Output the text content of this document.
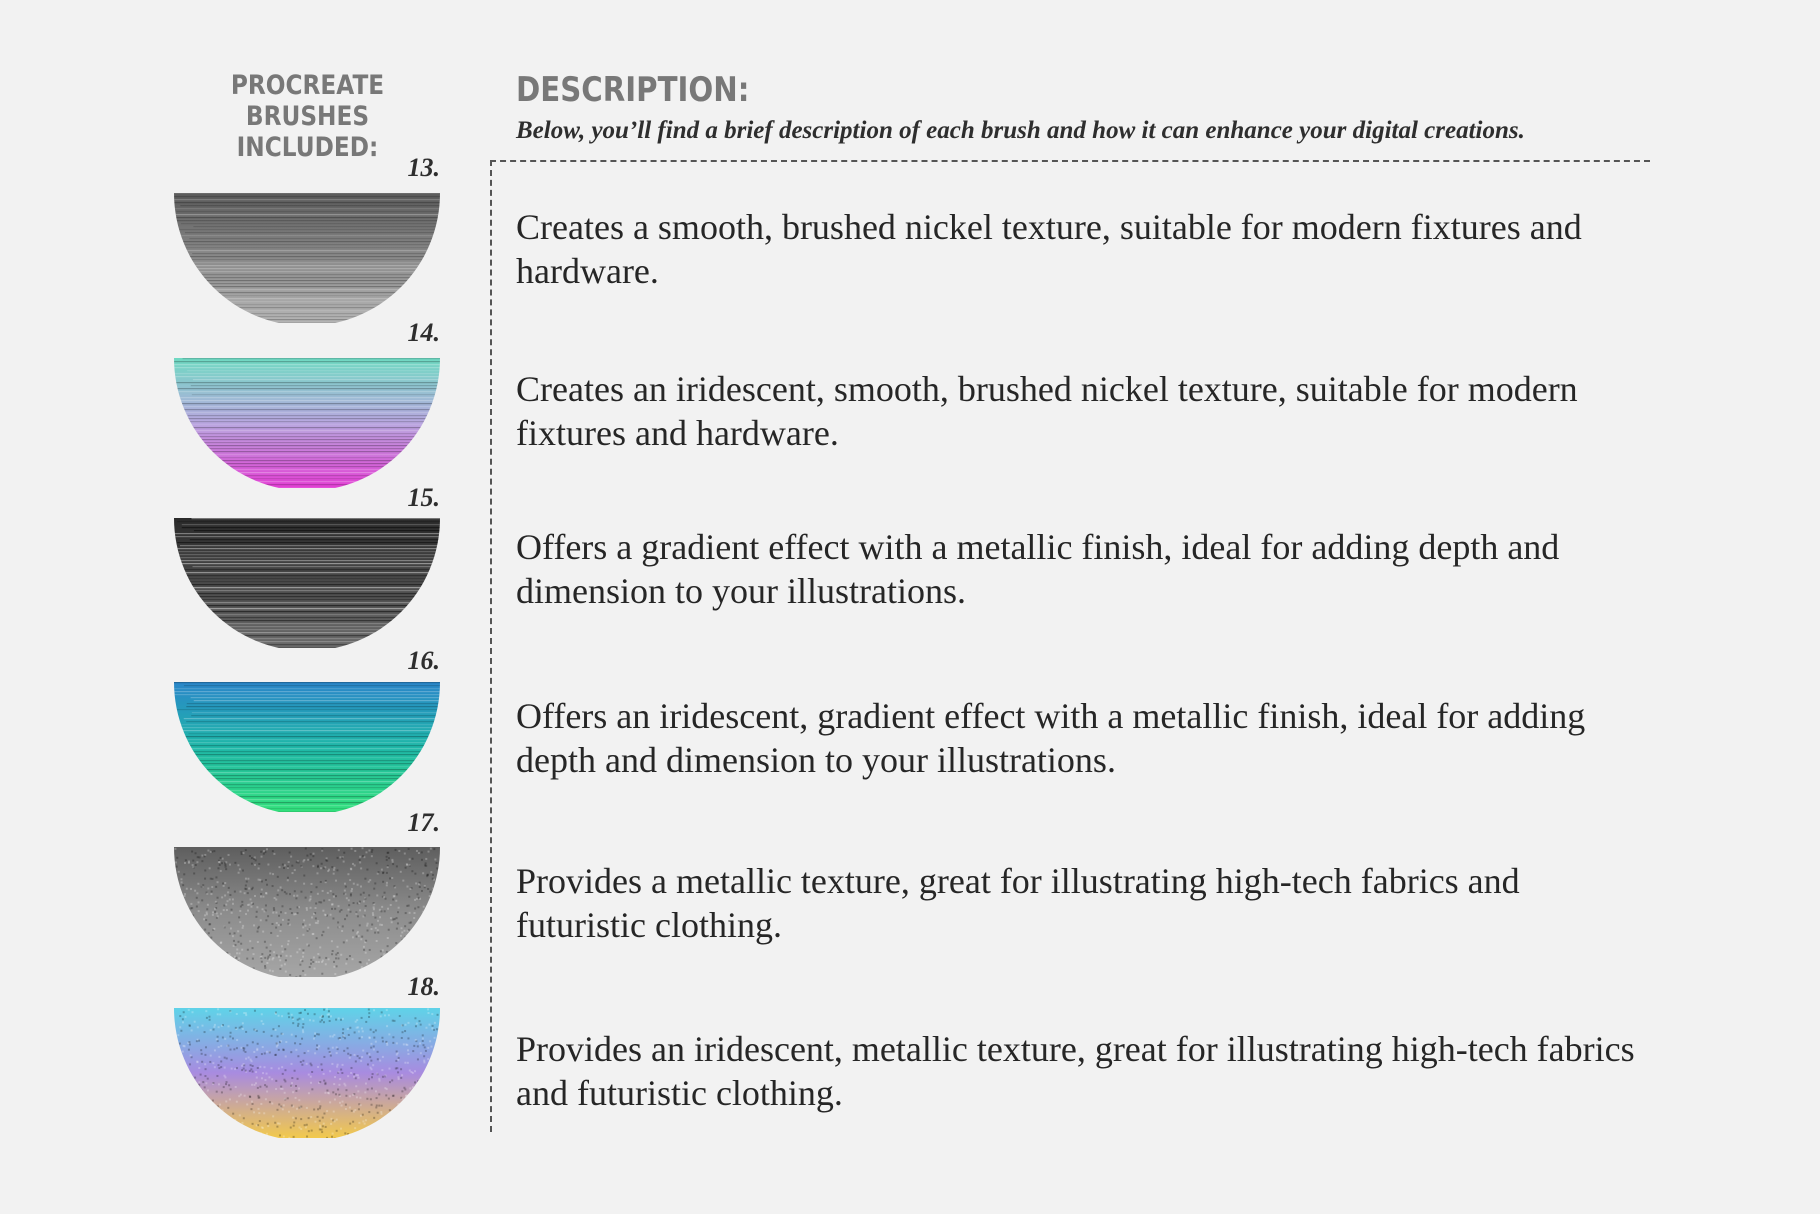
PROCREATE
BRUSHES INCLUDED:
DESCRIPTION:
Below, you’ll find a brief description of each brush and how it can enhance your digital creations.
13.
Creates a smooth, brushed nickel texture, suitable for modern fixtures and hardware.
14.
Creates an iridescent, smooth, brushed nickel texture, suitable for modern fixtures and hardware.
15.
Offers a gradient effect with a metallic finish, ideal for adding depth and dimension to your illustrations.
16.
Offers an iridescent, gradient effect with a metallic finish, ideal for adding depth and dimension to your illustrations.
17.
Provides a metallic texture, great for illustrating high-tech fabrics and futuristic clothing.
18.
Provides an iridescent, metallic texture, great for illustrating high-tech fabrics and futuristic clothing.
